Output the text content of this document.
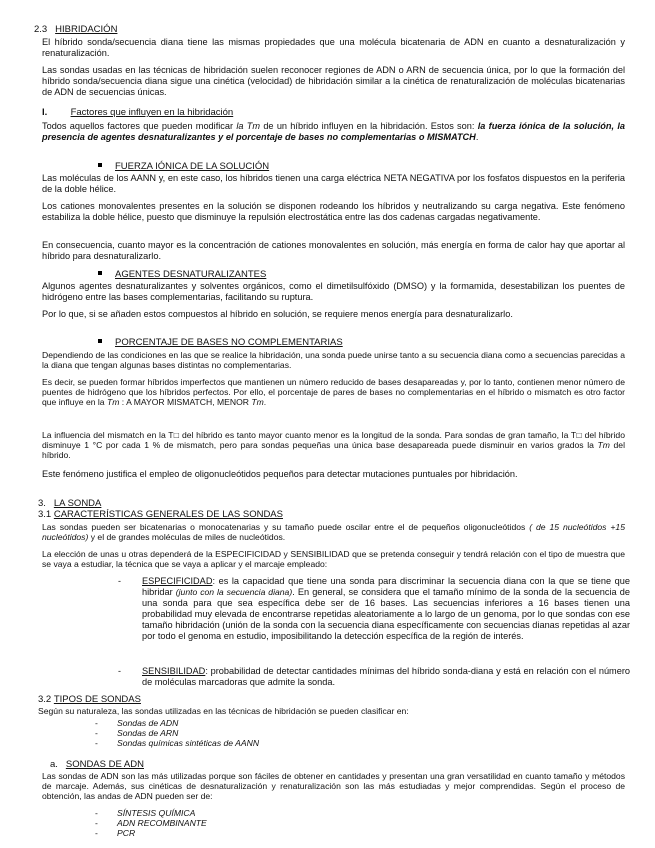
2.3 HIBRIDACIÓN

El híbrido sonda/secuencia diana tiene las mismas propiedades que una molécula bicatenaria de ADN en cuanto a desnaturalización y renaturalización.

Las sondas usadas en las técnicas de hibridación suelen reconocer regiones de ADN o ARN de secuencia única, por lo que la formación del híbrido sonda/secuencia diana sigue una cinética (velocidad) de hibridación similar a la cinética de renaturalización de moléculas bicatenarias de ADN de secuencias únicas.

I. Factores que influyen en la hibridación

Todos aquellos factores que pueden modificar la Tm de un híbrido influyen en la hibridación. Estos son: la fuerza iónica de la solución, la presencia de agentes desnaturalizantes y el porcentaje de bases no complementarias o MISMATCH.

FUERZA IÓNICA DE LA SOLUCIÓN

Las moléculas de los AANN y, en este caso, los híbridos tienen una carga eléctrica NETA NEGATIVA por los fosfatos dispuestos en la periferia de la doble hélice.

Los cationes monovalentes presentes en la solución se disponen rodeando los híbridos y neutralizando su carga negativa. Este fenómeno estabiliza la doble hélice, puesto que disminuye la repulsión electrostática entre las dos cadenas cargadas negativamente.

En consecuencia, cuanto mayor es la concentración de cationes monovalentes en solución, más energía en forma de calor hay que aportar al híbrido para desnaturalizarlo.

AGENTES DESNATURALIZANTES

Algunos agentes desnaturalizantes y solventes orgánicos, como el dimetilsulfóxido (DMSO) y la formamida, desestabilizan los puentes de hidrógeno entre las bases complementarias, facilitando su ruptura.

Por lo que, si se añaden estos compuestos al híbrido en solución, se requiere menos energía para desnaturalizarlo.

PORCENTAJE DE BASES NO COMPLEMENTARIAS

Dependiendo de las condiciones en las que se realice la hibridación, una sonda puede unirse tanto a su secuencia diana como a secuencias parecidas a la diana que tengan algunas bases distintas no complementarias.

Es decir, se pueden formar híbridos imperfectos que mantienen un número reducido de bases desapareadas y, por lo tanto, contienen menor número de puentes de hidrógeno que los híbridos perfectos. Por ello, el porcentaje de pares de bases no complementarias en el híbrido o mismatch es otro factor que influye en la Tm : A MAYOR MISMATCH, MENOR Tm.

La influencia del mismatch en la T□ del híbrido es tanto mayor cuanto menor es la longitud de la sonda. Para sondas de gran tamaño, la T□ del híbrido disminuye 1 °C por cada 1 % de mismatch, pero para sondas pequeñas una única base desapareada puede disminuir en varios grados la Tm del híbrido.

Este fenómeno justifica el empleo de oligonucleótidos pequeños para detectar mutaciones puntuales por hibridación.

3. LA SONDA
3.1 CARACTERÍSTICAS GENERALES DE LAS SONDAS

Las sondas pueden ser bicatenarias o monocatenarias y su tamaño puede oscilar entre el de pequeños oligonucleótidos ( de 15 nucleótidos +15 nucleótidos) y el de grandes moléculas de miles de nucleótidos.

La elección de unas u otras dependerá de la ESPECIFICIDAD y SENSIBILIDAD que se pretenda conseguir y tendrá relación con el tipo de muestra que se vaya a estudiar, la técnica que se vaya a aplicar y el marcaje empleado:

- ESPECIFICIDAD: es la capacidad que tiene una sonda para discriminar la secuencia diana con la que se tiene que hibridar (junto con la secuencia diana). En general, se considera que el tamaño mínimo de la sonda de la secuencia de una sonda para que sea específica debe ser de 16 bases. Las secuencias inferiores a 16 bases tienen una probabilidad muy elevada de encontrarse repetidas aleatoriamente a lo largo de un genoma, por lo que sondas con ese tamaño hibridación (unión de la sonda con la secuencia diana específicamente con secuencias dianas repetidas al azar por todo el genoma en estudio, imposibilitando la detección específica de la región de interés.

- SENSIBILIDAD: probabilidad de detectar cantidades mínimas del híbrido sonda-diana y está en relación con el número de moléculas marcadoras que admite la sonda.

3.2 TIPOS DE SONDAS

Según su naturaleza, las sondas utilizadas en las técnicas de hibridación se pueden clasificar en:

- Sondas de ADN
- Sondas de ARN
- Sondas químicas sintéticas de AANN
a. SONDAS DE ADN

Las sondas de ADN son las más utilizadas porque son fáciles de obtener en cantidades y presentan una gran versatilidad en cuanto tamaño y métodos de marcaje. Además, sus cinéticas de desnaturalización y renaturalización son las más estudiadas y mejor comprendidas. Según el proceso de obtención, las andas de ADN pueden ser de:

- SÍNTESIS QUÍMICA
- ADN RECOMBINANTE
- PCR
